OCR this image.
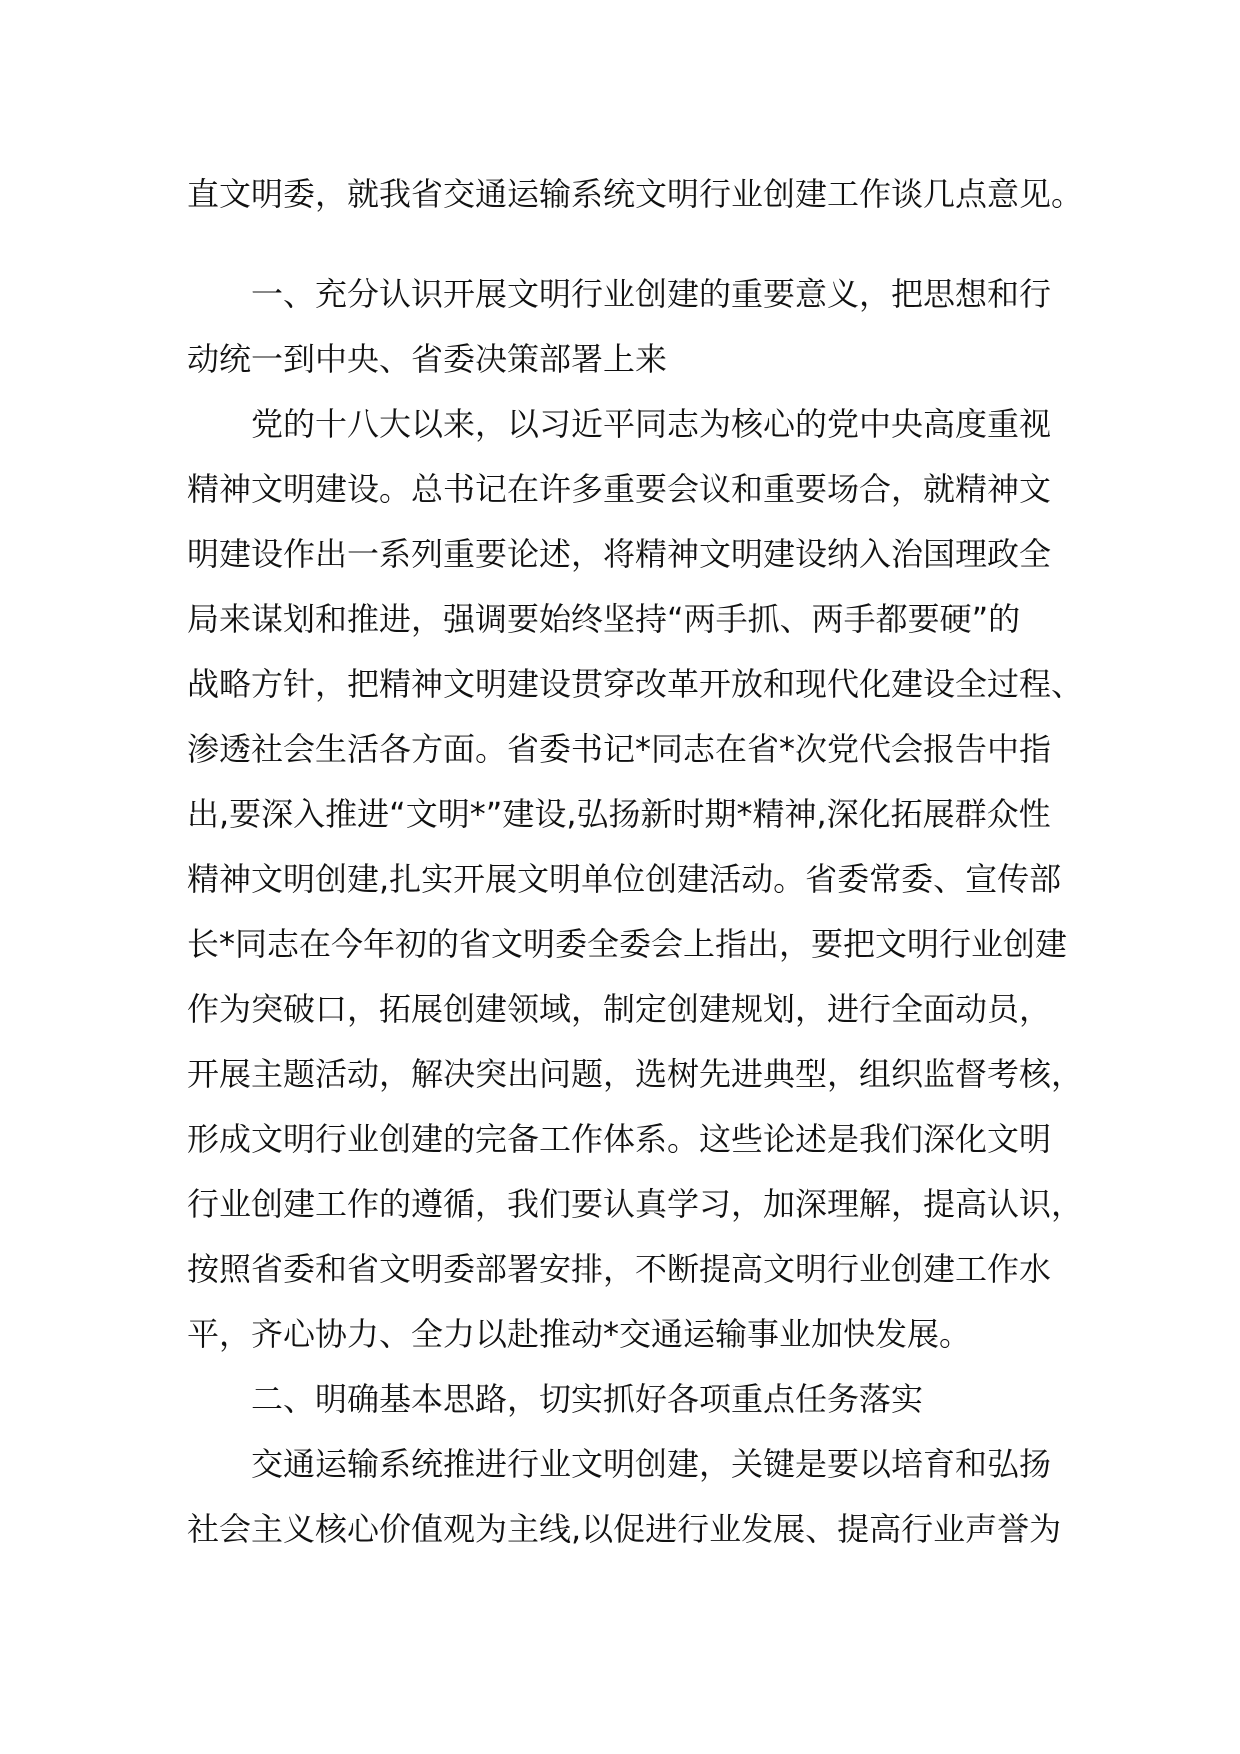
直文明委，就我省交通运输系统文明行业创建工作谈几点意见。
一、充分认识开展文明行业创建的重要意义，把思想和行
动统一到中央、省委决策部署上来
党的十八大以来，以习近平同志为核心的党中央高度重视
精神文明建设。总书记在许多重要会议和重要场合，就精神文
明建设作出一系列重要论述，将精神文明建设纳入治国理政全
局来谋划和推进，强调要始终坚持“两手抓、两手都要硬”的
战略方针，把精神文明建设贯穿改革开放和现代化建设全过程、
渗透社会生活各方面。省委书记*同志在省*次党代会报告中指
出,要深入推进“文明*”建设,弘扬新时期*精神,深化拓展群众性
精神文明创建,扎实开展文明单位创建活动。省委常委、宣传部
长*同志在今年初的省文明委全委会上指出，要把文明行业创建
作为突破口，拓展创建领域，制定创建规划，进行全面动员，
开展主题活动，解决突出问题，选树先进典型，组织监督考核，
形成文明行业创建的完备工作体系。这些论述是我们深化文明
行业创建工作的遵循，我们要认真学习，加深理解，提高认识，
按照省委和省文明委部署安排，不断提高文明行业创建工作水
平，齐心协力、全力以赴推动*交通运输事业加快发展。
二、明确基本思路，切实抓好各项重点任务落实
交通运输系统推进行业文明创建，关键是要以培育和弘扬
社会主义核心价值观为主线,以促进行业发展、提高行业声誉为
